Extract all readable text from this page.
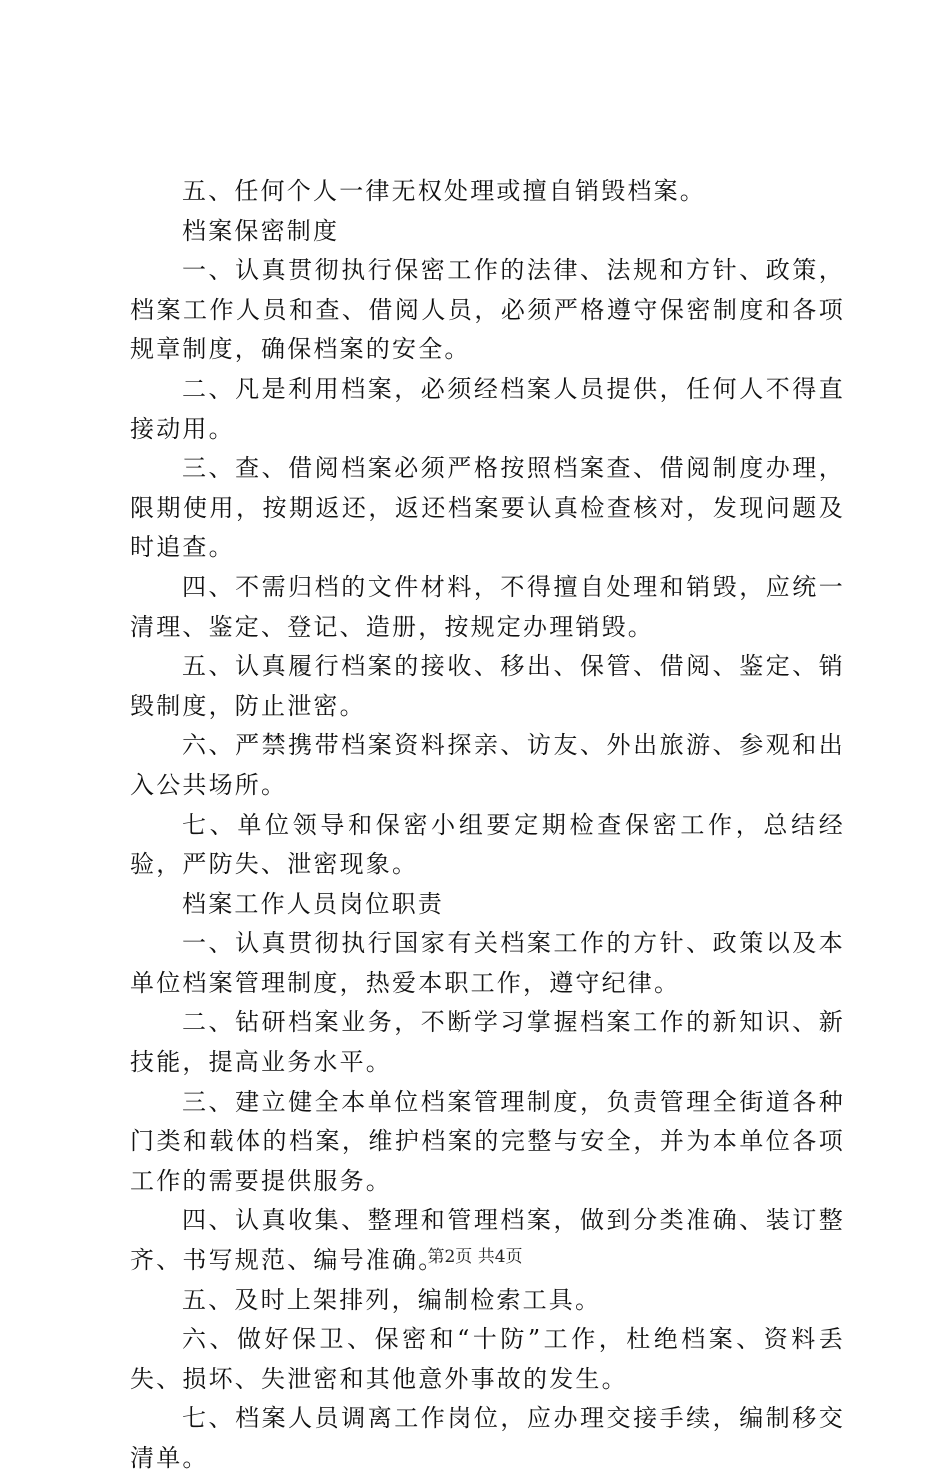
五、任何个人一律无权处理或擅自销毁档案。

档案保密制度

一、认真贯彻执行保密工作的法律、法规和方针、政策，档案工作人员和查、借阅人员，必须严格遵守保密制度和各项规章制度，确保档案的安全。

二、凡是利用档案，必须经档案人员提供，任何人不得直接动用。

三、查、借阅档案必须严格按照档案查、借阅制度办理，限期使用，按期返还，返还档案要认真检查核对，发现问题及时追查。

四、不需归档的文件材料，不得擅自处理和销毁，应统一清理、鉴定、登记、造册，按规定办理销毁。

五、认真履行档案的接收、移出、保管、借阅、鉴定、销毁制度，防止泄密。

六、严禁携带档案资料探亲、访友、外出旅游、参观和出入公共场所。

七、单位领导和保密小组要定期检查保密工作，总结经验，严防失、泄密现象。

档案工作人员岗位职责

一、认真贯彻执行国家有关档案工作的方针、政策以及本单位档案管理制度，热爱本职工作，遵守纪律。

二、钻研档案业务，不断学习掌握档案工作的新知识、新技能，提高业务水平。

三、建立健全本单位档案管理制度，负责管理全街道各种门类和载体的档案，维护档案的完整与安全，并为本单位各项工作的需要提供服务。

四、认真收集、整理和管理档案，做到分类准确、装订整齐、书写规范、编号准确。

五、及时上架排列，编制检索工具。

六、做好保卫、保密和“十防”工作，杜绝档案、资料丢失、损坏、失泄密和其他意外事故的发生。

七、档案人员调离工作岗位，应办理交接手续，编制移交清单。

第2页 共4页
